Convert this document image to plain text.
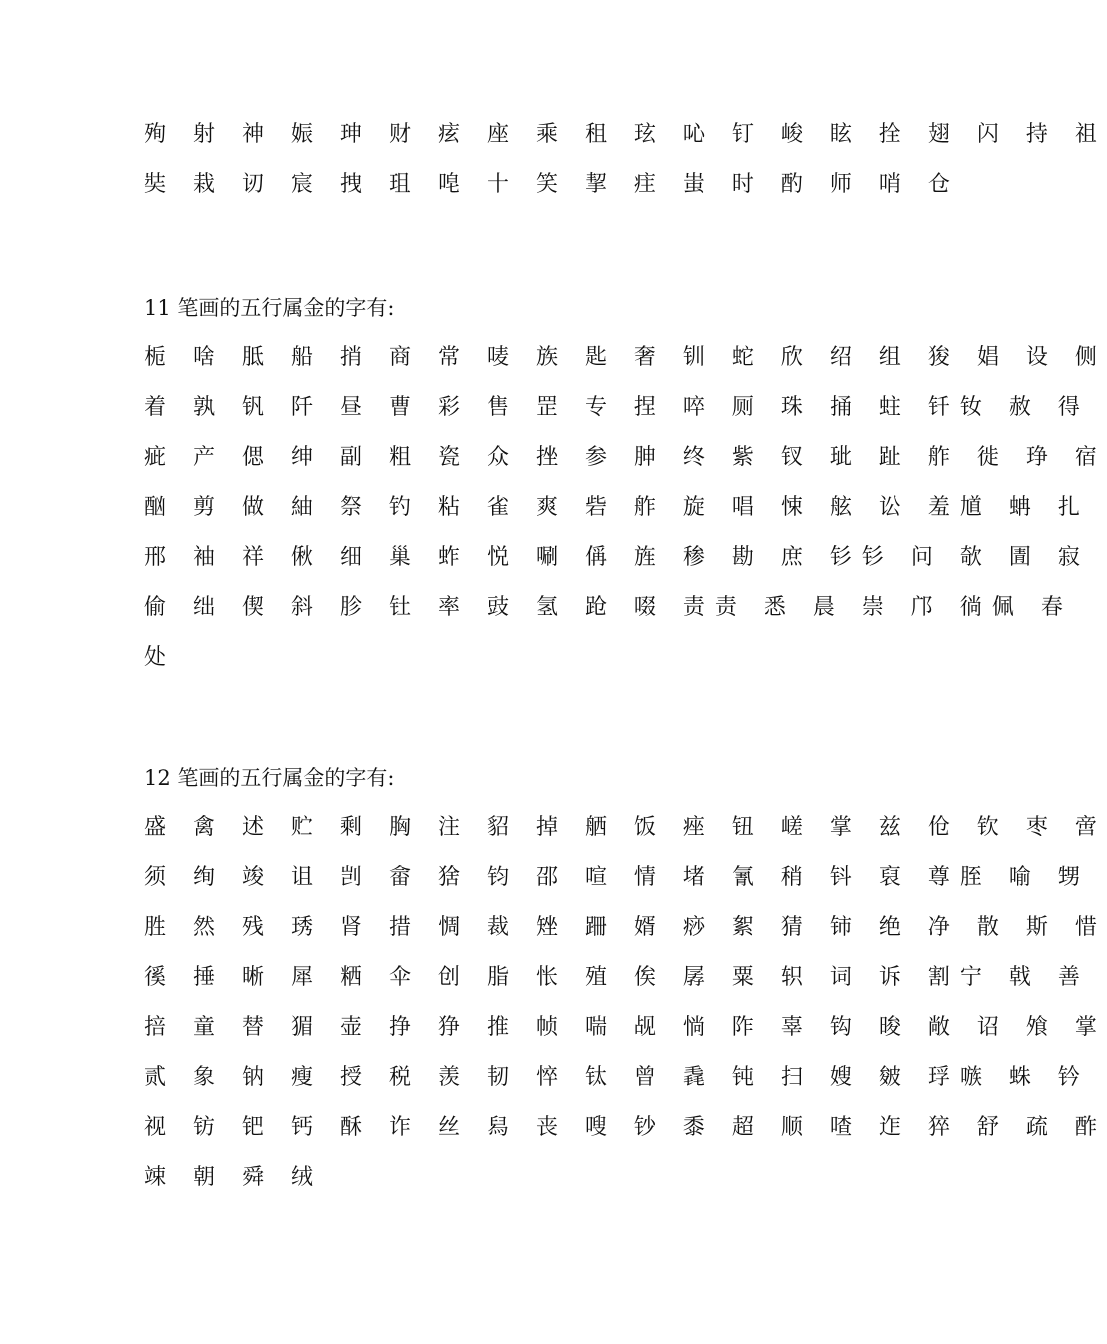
殉 射 神 娠 珅 财 痃 座 乘 租 玹 吣 钉 峻 眩 拴 翅 闪 持 祖
奘 栽 讱 宸 拽 珇 唣 十 笑 挈 疰 蚩 时 酌 师 哨 仓
11 笔画的五行属金的字有:
栀 啥 胝 船 捎 商 常 唛 族 匙 奢 钏 蛇 欣 绍 组 狻 娼 设 侧
着 孰 钒 阡 昼 曹 彩 售 罡 专 捏 啐 厕 珠 捅 蛀 钎钕 赦 得
疵 产 偲 绅 副 粗 瓷 众 挫 参 胂 终 紫 钗 玼 趾 舴 徙 琤 宿
酗 剪 做 紬 祭 钓 粘 雀 爽 砦 舴 旋 唱 悚 舷 讼 羞馗 蚺 扎
邢 袖 祥 偢 细 巢 蚱 悦 唰 偁 旌 䅟 勘 庶 钐钐 问 欹 圊 寂
偷 绌 偰 斜 胗 钍 率 豉 氢 跄 啜 责责 悉 晨 崇 邝 徜佩 春
处
12 笔画的五行属金的字有:
盛 禽 述 贮 剩 胸 注 貂 掉 舾 饭 痤 钮 嵯 掌 兹 伧 钦 枣 啻
须 绚 竣 诅 剀 畲 猞 钧 邵 喧 情 堵 氰 稍 钭 裒 尊胵 喻 甥
胜 然 残 琇 肾 措 惆 裁 矬 跚 婿 痧 絮 猜 铈 绝 净 散 斯 惜
徯 捶 晰 犀 粞 伞 创 脂 怅 殖 俟 孱 粟 轵 词 诉 割宁 戟 善
掊 童 替 猸 壶 挣 狰 推 帧 喘 觇 惝 阼 辜 钩 晙 敞 诏 飧 掌
贰 象 钠 瘦 授 税 羡 韧 悴 钛 曾 毳 钝 扫 嫂 皴 琈嗾 蛛 钤
视 钫 钯 钙 酥 诈 丝 舄 丧 嗖 钞 黍 超 顺 喳 迮 猝 舒 疏 酢
竦 朝 舜 绒
